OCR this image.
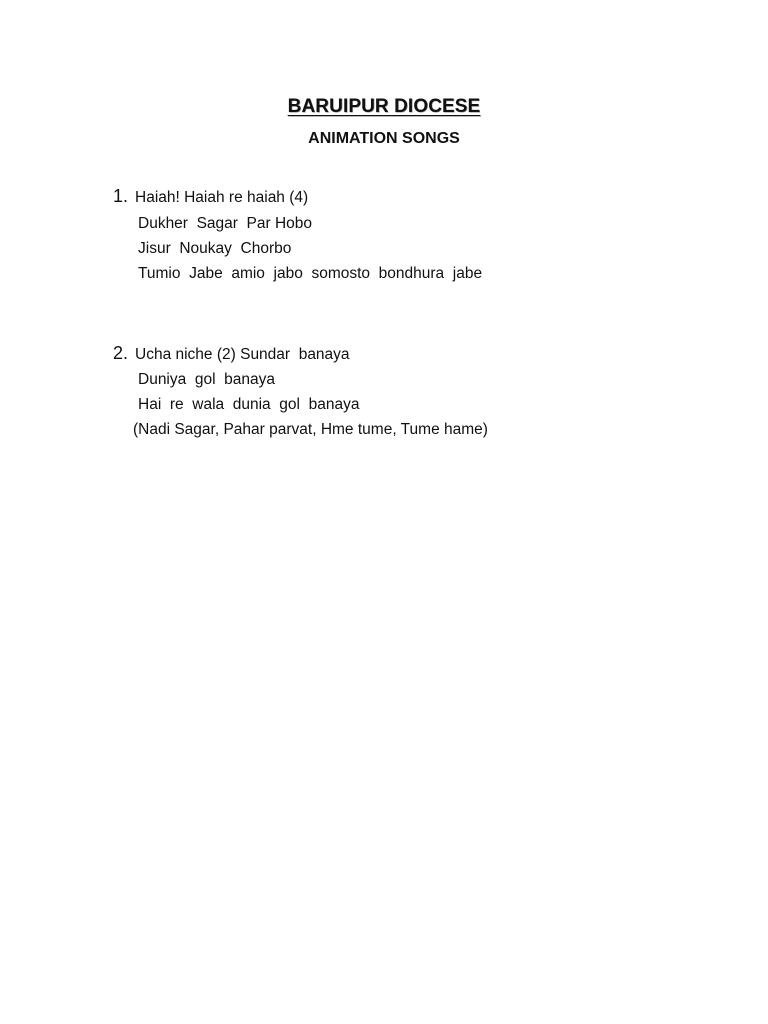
BARUIPUR DIOCESE
ANIMATION SONGS
1. Haiah! Haiah re haiah (4)
Dukher  Sagar  Par Hobo
Jisur  Noukay  Chorbo
Tumio  Jabe  amio  jabo  somosto  bondhura  jabe
2. Ucha niche (2) Sundar  banaya
Duniya  gol  banaya
Hai  re  wala  dunia  gol  banaya
(Nadi Sagar, Pahar parvat, Hme tume, Tume hame)
